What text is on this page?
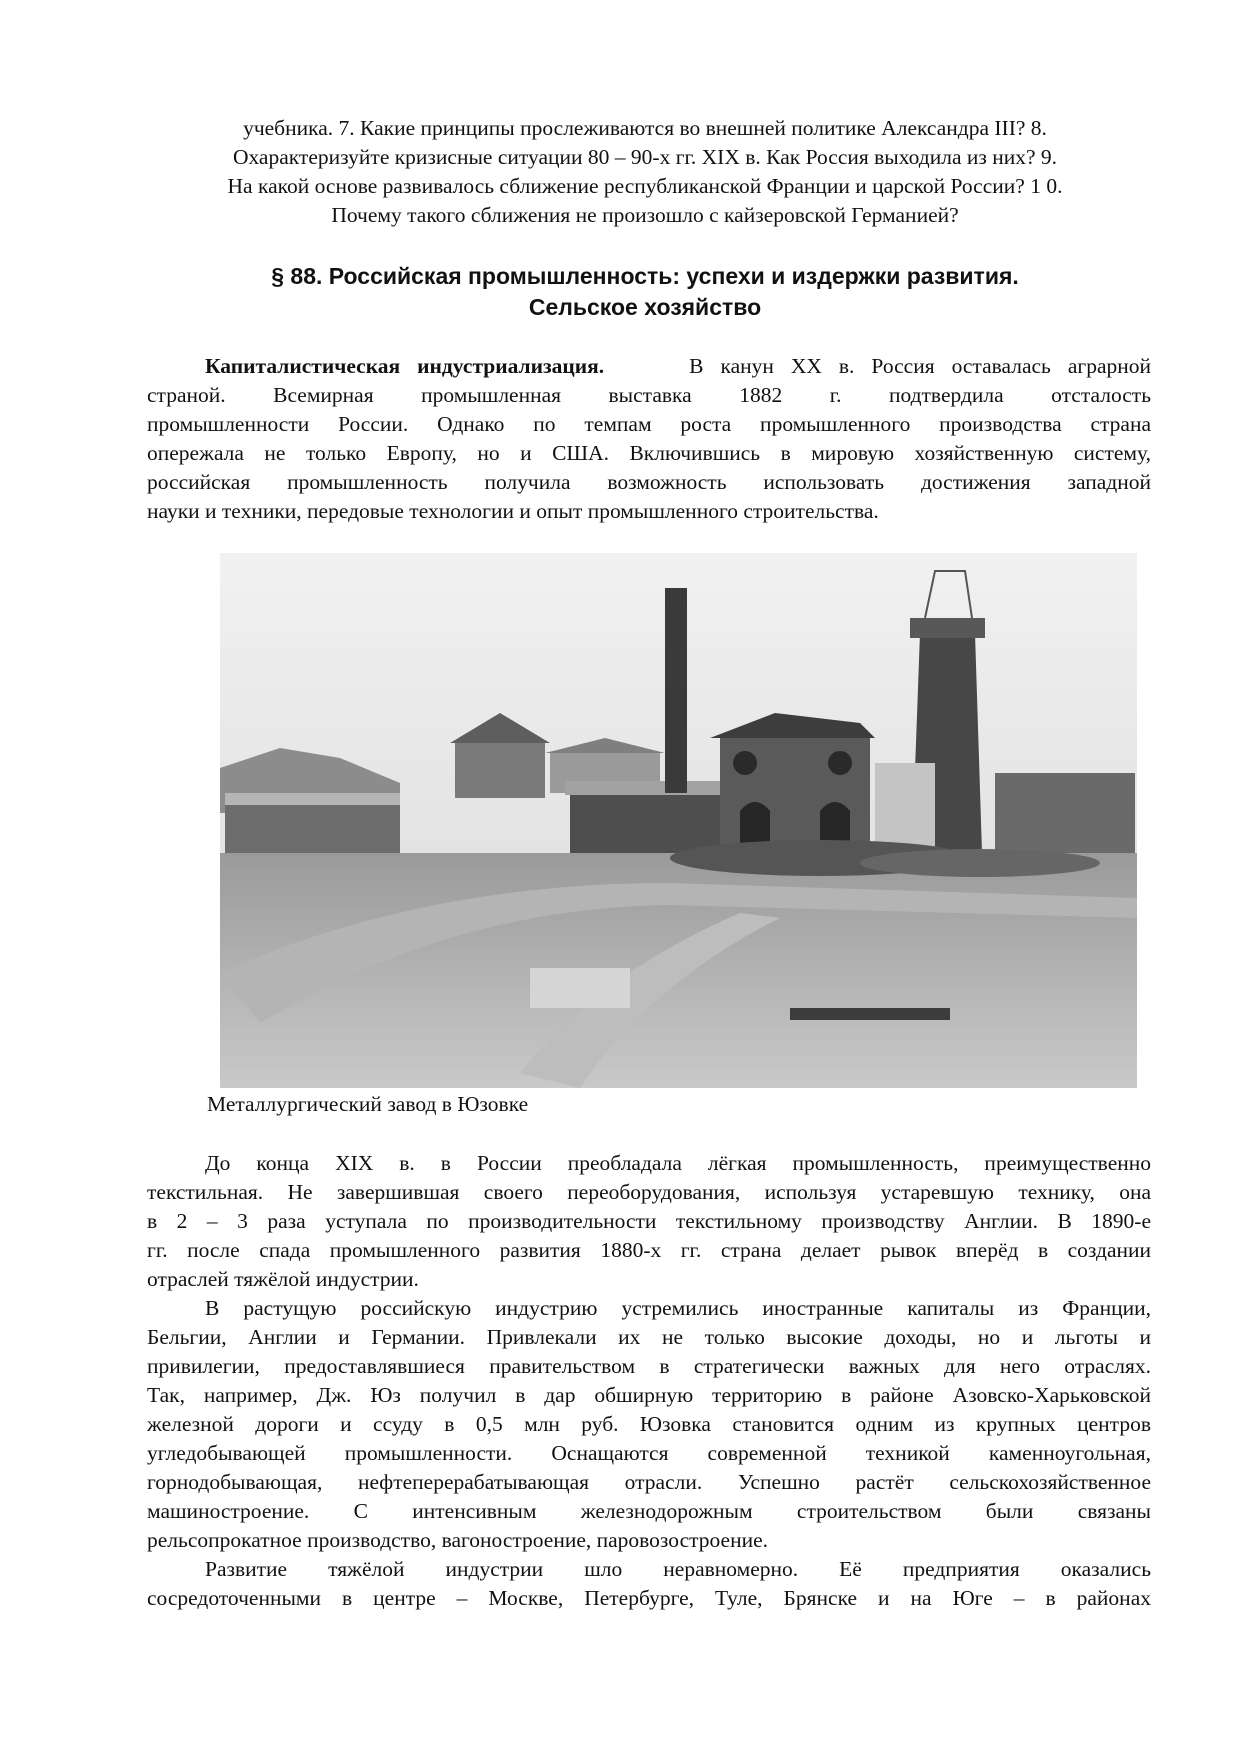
учебника. 7. Какие принципы прослеживаются во внешней политике Александра III? 8.
Охарактеризуйте кризисные ситуации 80 – 90-х гг. XIX в. Как Россия выходила из них? 9.
На какой основе развивалось сближение республиканской Франции и царской России? 1 0.
Почему такого сближения не произошло с кайзеровской Германией?
§ 88. Российская промышленность: успехи и издержки развития.
Сельское хозяйство
Капиталистическая индустриализация.	В канун XX в. Россия оставалась аграрной
страной. Всемирная промышленная выставка 1882 г. подтвердила отсталость
промышленности России. Однако по темпам роста промышленного производства страна
опережала не только Европу, но и США. Включившись в мировую хозяйственную систему,
российская промышленность получила возможность использовать достижения западной
науки и техники, передовые технологии и опыт промышленного строительства.
Металлургический завод в Юзовке
До конца XIX в. в России преобладала лёгкая промышленность, преимущественно
текстильная. Не завершившая своего переоборудования, используя устаревшую технику, она
в 2 – 3 раза уступала по производительности текстильному производству Англии. В 1890-е
гг. после спада промышленного развития 1880-х гг. страна делает рывок вперёд в создании
отраслей тяжёлой индустрии.
В растущую российскую индустрию устремились иностранные капиталы из Франции,
Бельгии, Англии и Германии. Привлекали их не только высокие доходы, но и льготы и
привилегии, предоставлявшиеся правительством в стратегически важных для него отраслях.
Так, например, Дж. Юз получил в дар обширную территорию в районе Азовско-Харьковской
железной дороги и ссуду в 0,5 млн руб. Юзовка становится одним из крупных центров
угледобывающей промышленности. Оснащаются современной техникой каменноугольная,
горнодобывающая, нефтеперерабатывающая отрасли. Успешно растёт сельскохозяйственное
машиностроение. С интенсивным железнодорожным строительством были связаны
рельсопрокатное производство, вагоностроение, паровозостроение.
Развитие тяжёлой индустрии шло неравномерно. Её предприятия оказались
сосредоточенными в центре – Москве, Петербурге, Туле, Брянске и на Юге – в районах
